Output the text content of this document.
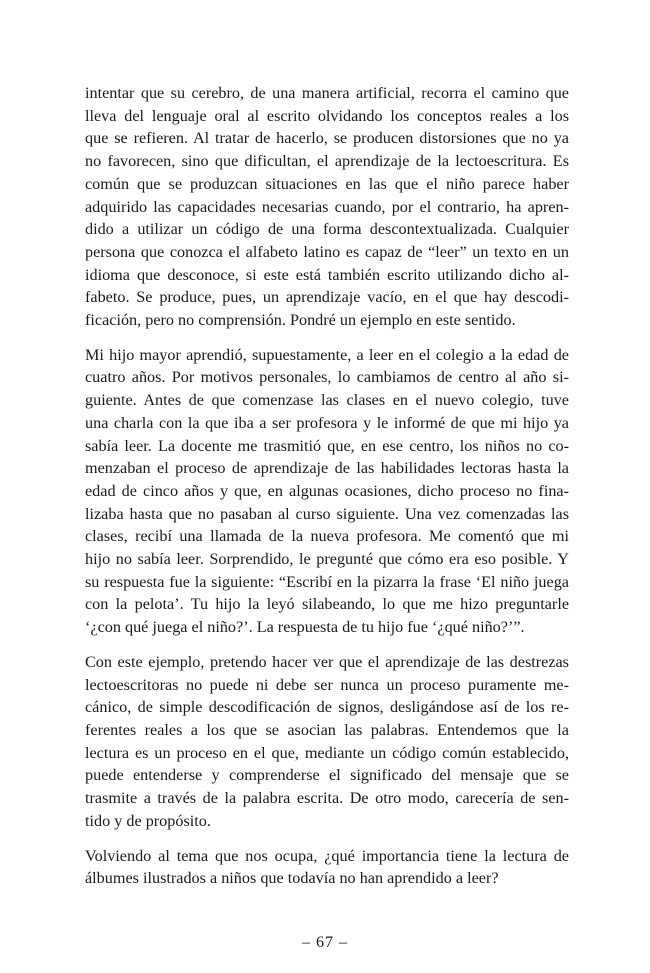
intentar que su cerebro, de una manera artificial, recorra el camino que
lleva del lenguaje oral al escrito olvidando los conceptos reales a los
que se refieren. Al tratar de hacerlo, se producen distorsiones que no ya
no favorecen, sino que dificultan, el aprendizaje de la lectoescritura. Es
común que se produzcan situaciones en las que el niño parece haber
adquirido las capacidades necesarias cuando, por el contrario, ha apren-
dido a utilizar un código de una forma descontextualizada. Cualquier
persona que conozca el alfabeto latino es capaz de “leer” un texto en un
idioma que desconoce, si este está también escrito utilizando dicho al-
fabeto. Se produce, pues, un aprendizaje vacío, en el que hay descodi-
ficación, pero no comprensión. Pondré un ejemplo en este sentido.

Mi hijo mayor aprendió, supuestamente, a leer en el colegio a la edad de
cuatro años. Por motivos personales, lo cambiamos de centro al año si-
guiente. Antes de que comenzase las clases en el nuevo colegio, tuve
una charla con la que iba a ser profesora y le informé de que mi hijo ya
sabía leer. La docente me trasmitió que, en ese centro, los niños no co-
menzaban el proceso de aprendizaje de las habilidades lectoras hasta la
edad de cinco años y que, en algunas ocasiones, dicho proceso no fina-
lizaba hasta que no pasaban al curso siguiente. Una vez comenzadas las
clases, recibí una llamada de la nueva profesora. Me comentó que mi
hijo no sabía leer. Sorprendido, le pregunté que cómo era eso posible. Y
su respuesta fue la siguiente: “Escribí en la pizarra la frase ‘El niño juega
con la pelota’. Tu hijo la leyó silabeando, lo que me hizo preguntarle
‘¿con qué juega el niño?’. La respuesta de tu hijo fue ‘¿qué niño?’”.

Con este ejemplo, pretendo hacer ver que el aprendizaje de las destrezas
lectoescritoras no puede ni debe ser nunca un proceso puramente me-
cánico, de simple descodificación de signos, desligándose así de los re-
ferentes reales a los que se asocian las palabras. Entendemos que la
lectura es un proceso en el que, mediante un código común establecido,
puede entenderse y comprenderse el significado del mensaje que se
trasmite a través de la palabra escrita. De otro modo, carecería de sen-
tido y de propósito.

Volviendo al tema que nos ocupa, ¿qué importancia tiene la lectura de
álbumes ilustrados a niños que todavía no han aprendido a leer?

– 67 –
